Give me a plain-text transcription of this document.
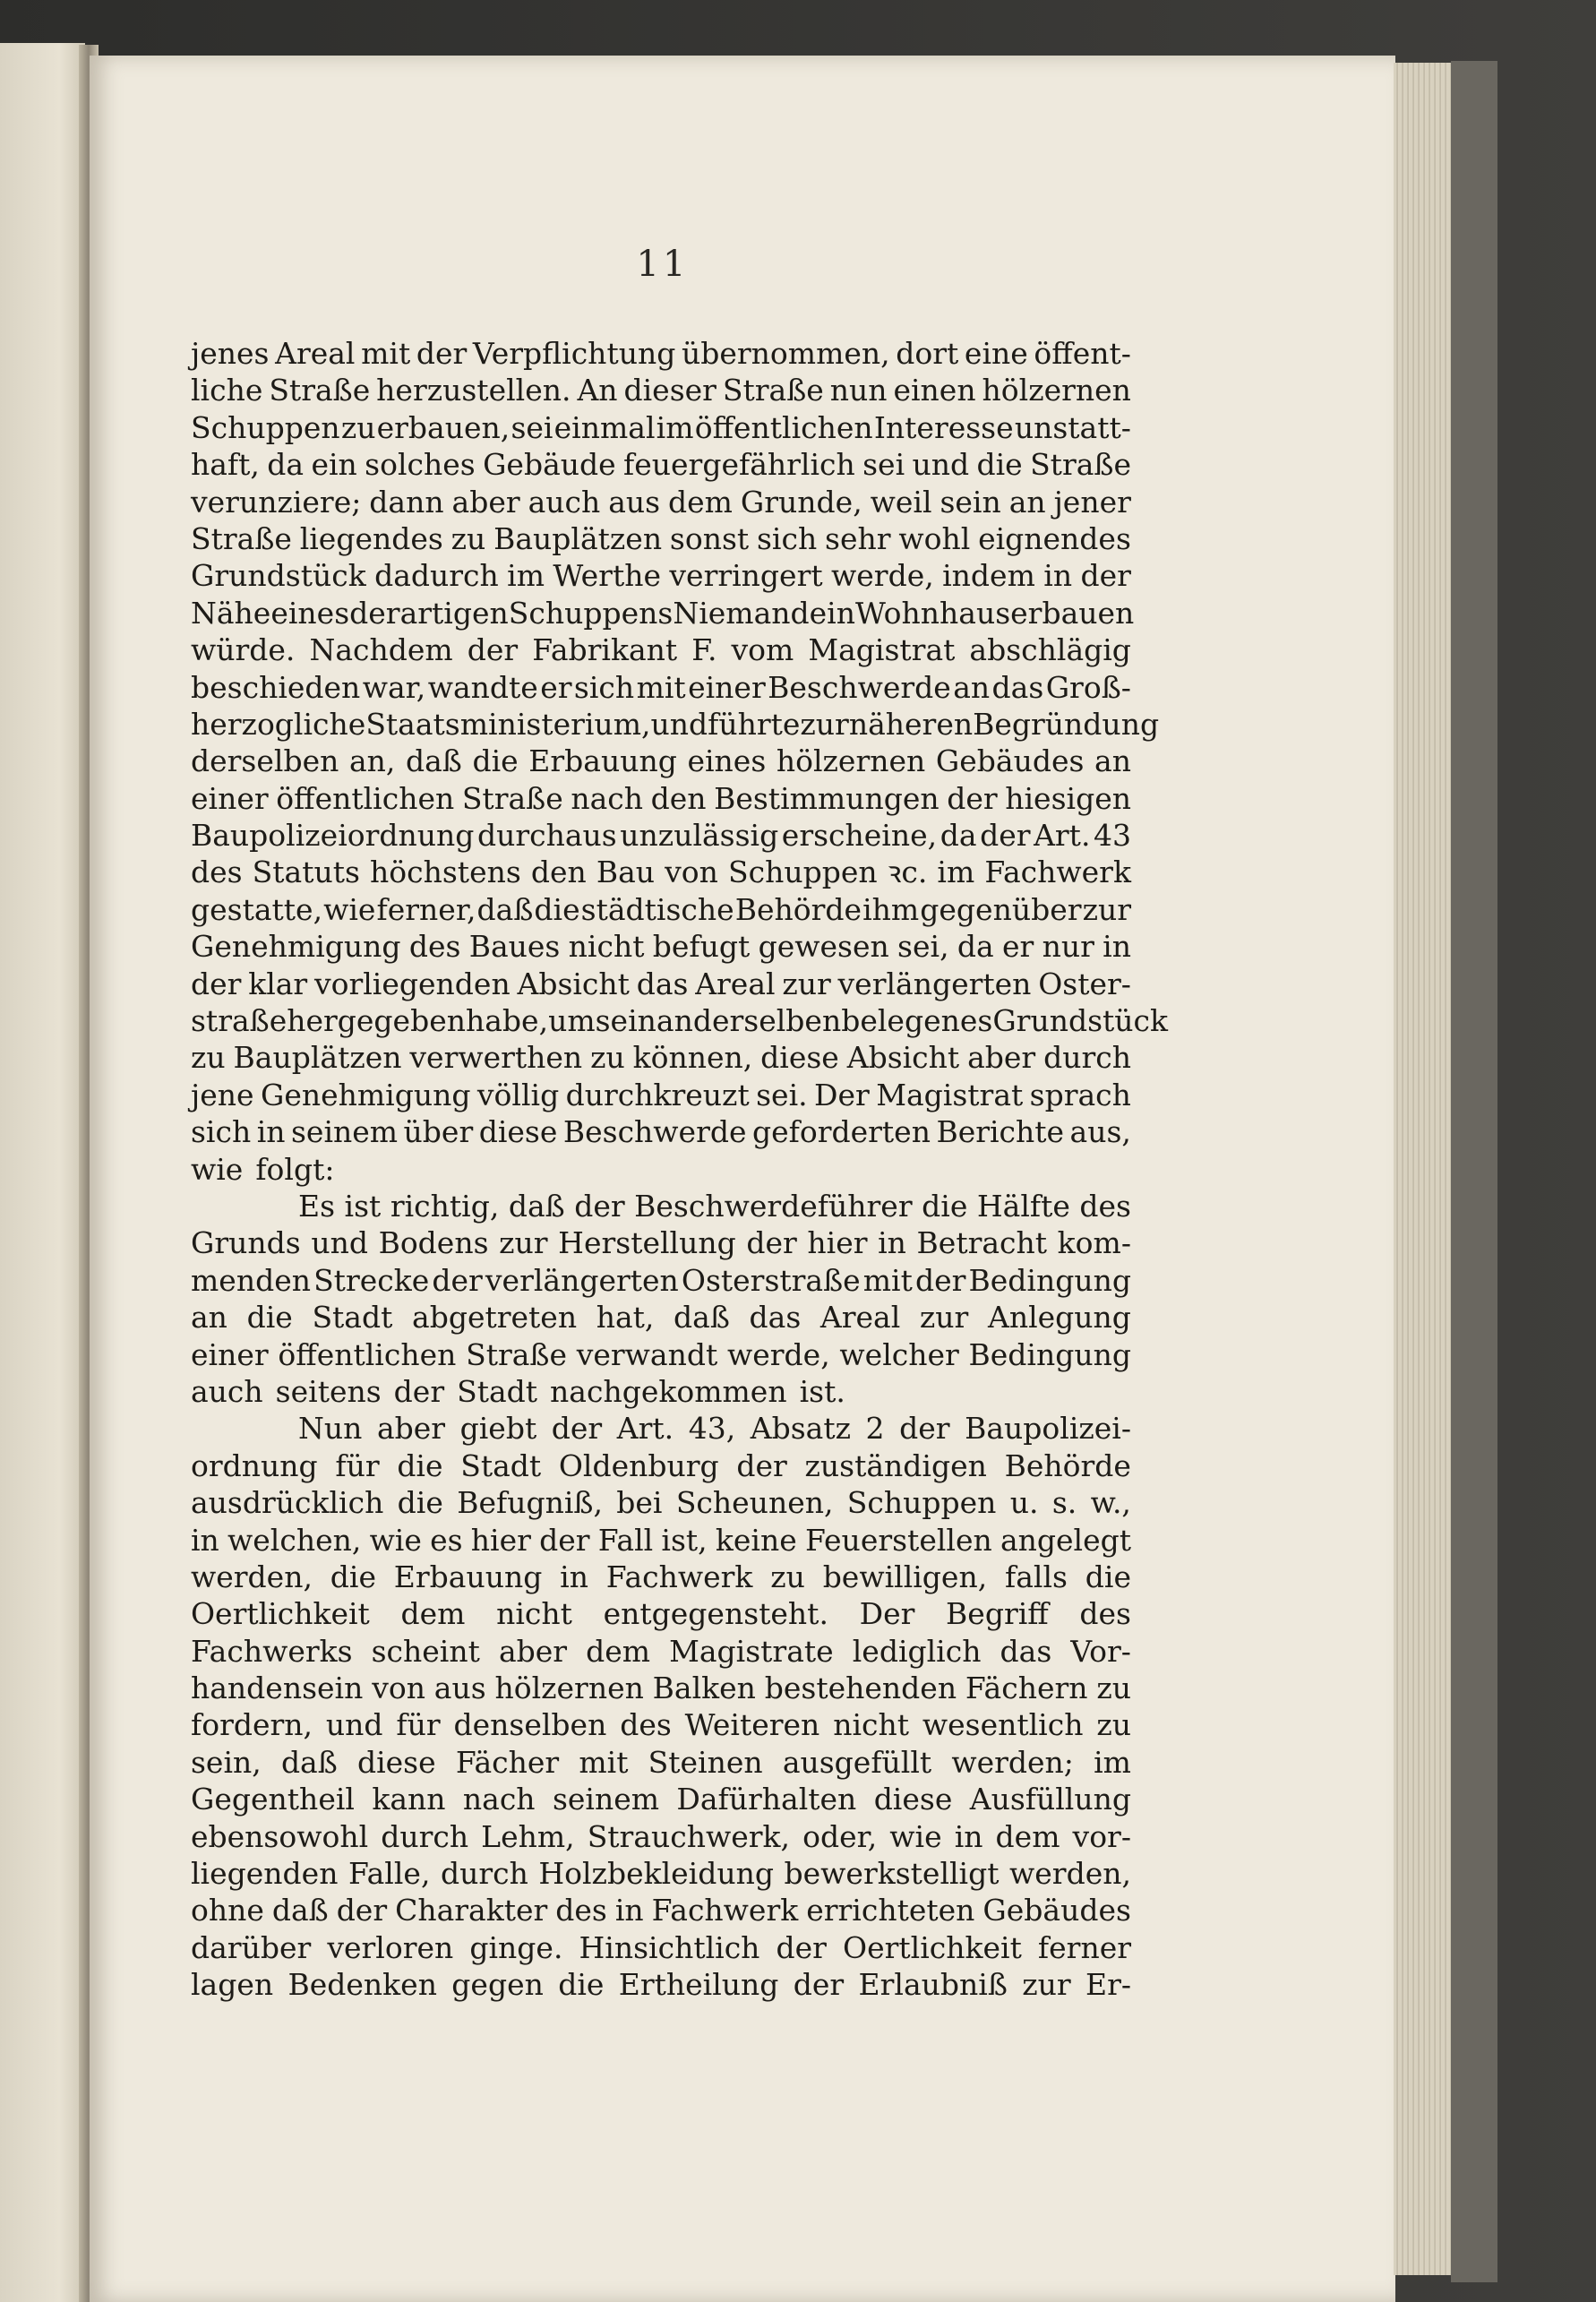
11
jenes Areal mit der Verpflichtung übernommen, dort eine öffent-
liche Straße herzustellen. An dieser Straße nun einen hölzernen
Schuppen zu erbauen, sei einmal im öffentlichen Interesse unstatt-
haft, da ein solches Gebäude feuergefährlich sei und die Straße
verunziere; dann aber auch aus dem Grunde, weil sein an jener
Straße liegendes zu Bauplätzen sonst sich sehr wohl eignendes
Grundstück dadurch im Werthe verringert werde, indem in der
Nähe eines derartigen Schuppens Niemand ein Wohnhaus erbauen
würde. Nachdem der Fabrikant F. vom Magistrat abschlägig
beschieden war, wandte er sich mit einer Beschwerde an das Groß-
herzogliche Staatsministerium, und führte zur näheren Begründung
derselben an, daß die Erbauung eines hölzernen Gebäudes an
einer öffentlichen Straße nach den Bestimmungen der hiesigen
Baupolizeiordnung durchaus unzulässig erscheine, da der Art. 43
des Statuts höchstens den Bau von Schuppen ꝛc. im Fachwerk
gestatte, wie ferner, daß die städtische Behörde ihm gegenüber zur
Genehmigung des Baues nicht befugt gewesen sei, da er nur in
der klar vorliegenden Absicht das Areal zur verlängerten Oster-
straße hergegeben habe, um sein an derselben belegenes Grundstück
zu Bauplätzen verwerthen zu können, diese Absicht aber durch
jene Genehmigung völlig durchkreuzt sei. Der Magistrat sprach
sich in seinem über diese Beschwerde geforderten Berichte aus,
wie folgt:
Es ist richtig, daß der Beschwerdeführer die Hälfte des
Grunds und Bodens zur Herstellung der hier in Betracht kom-
menden Strecke der verlängerten Osterstraße mit der Bedingung
an die Stadt abgetreten hat, daß das Areal zur Anlegung
einer öffentlichen Straße verwandt werde, welcher Bedingung
auch seitens der Stadt nachgekommen ist.
Nun aber giebt der Art. 43, Absatz 2 der Baupolizei-
ordnung für die Stadt Oldenburg der zuständigen Behörde
ausdrücklich die Befugniß, bei Scheunen, Schuppen u. s. w.,
in welchen, wie es hier der Fall ist, keine Feuerstellen angelegt
werden, die Erbauung in Fachwerk zu bewilligen, falls die
Oertlichkeit dem nicht entgegensteht. Der Begriff des
Fachwerks scheint aber dem Magistrate lediglich das Vor-
handensein von aus hölzernen Balken bestehenden Fächern zu
fordern, und für denselben des Weiteren nicht wesentlich zu
sein, daß diese Fächer mit Steinen ausgefüllt werden; im
Gegentheil kann nach seinem Dafürhalten diese Ausfüllung
ebensowohl durch Lehm, Strauchwerk, oder, wie in dem vor-
liegenden Falle, durch Holzbekleidung bewerkstelligt werden,
ohne daß der Charakter des in Fachwerk errichteten Gebäudes
darüber verloren ginge. Hinsichtlich der Oertlichkeit ferner
lagen Bedenken gegen die Ertheilung der Erlaubniß zur Er-
